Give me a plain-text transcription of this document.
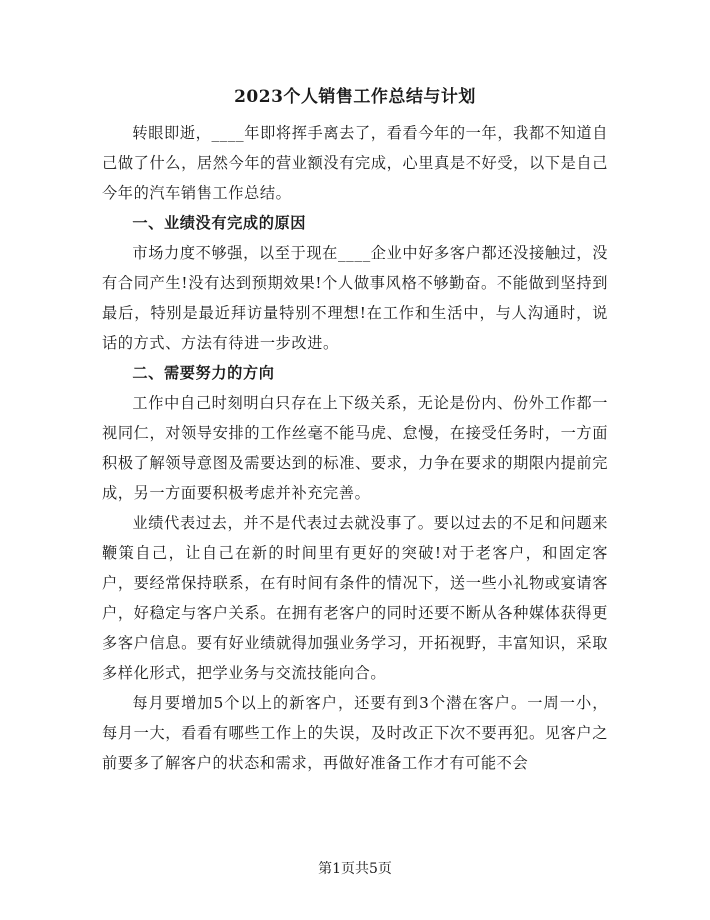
2023个人销售工作总结与计划

转眼即逝，____年即将挥手离去了，看看今年的一年，我都不知道自己做了什么，居然今年的营业额没有完成，心里真是不好受，以下是自己今年的汽车销售工作总结。

一、业绩没有完成的原因

市场力度不够强，以至于现在____企业中好多客户都还没接触过，没有合同产生!没有达到预期效果!个人做事风格不够勤奋。不能做到坚持到最后，特别是最近拜访量特别不理想!在工作和生活中，与人沟通时，说话的方式、方法有待进一步改进。

二、需要努力的方向

工作中自己时刻明白只存在上下级关系，无论是份内、份外工作都一视同仁，对领导安排的工作丝毫不能马虎、怠慢，在接受任务时，一方面积极了解领导意图及需要达到的标准、要求，力争在要求的期限内提前完成，另一方面要积极考虑并补充完善。

业绩代表过去，并不是代表过去就没事了。要以过去的不足和问题来鞭策自己，让自己在新的时间里有更好的突破!对于老客户，和固定客户，要经常保持联系，在有时间有条件的情况下，送一些小礼物或宴请客户，好稳定与客户关系。在拥有老客户的同时还要不断从各种媒体获得更多客户信息。要有好业绩就得加强业务学习，开拓视野，丰富知识，采取多样化形式，把学业务与交流技能向合。

每月要增加5个以上的新客户，还要有到3个潜在客户。一周一小，每月一大，看看有哪些工作上的失误，及时改正下次不要再犯。见客户之前要多了解客户的状态和需求，再做好准备工作才有可能不会

第1页共5页
